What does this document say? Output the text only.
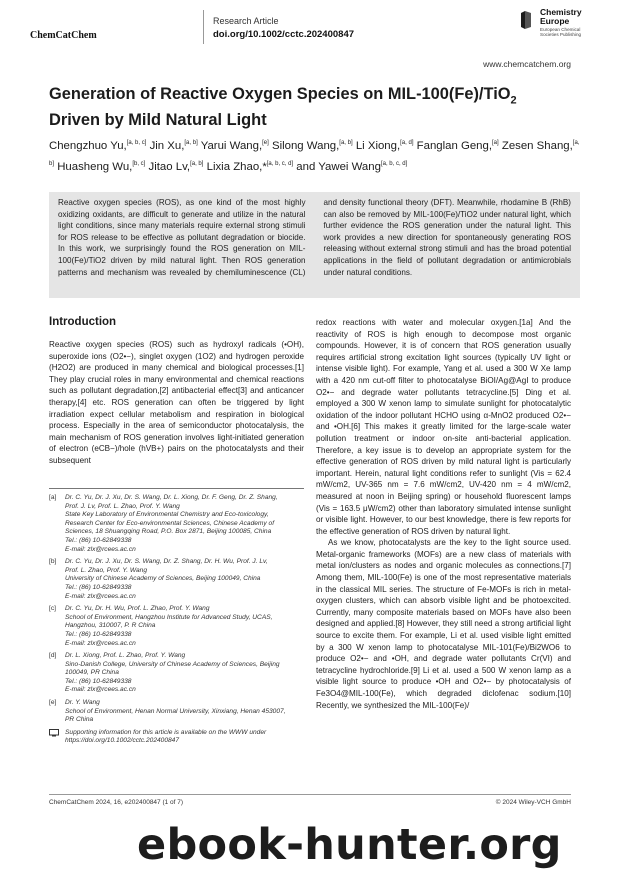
ChemCatChem
Research Article
doi.org/10.1002/cctc.202400847
Chemistry
Europe
European Chemical
Societies Publishing
www.chemcatchem.org
Generation of Reactive Oxygen Species on MIL-100(Fe)/TiO$_2$
Driven by Mild Natural Light
Chengzhuo Yu,[a, b, c] Jin Xu,[a, b] Yarui Wang,[e] Silong Wang,[a, b] Li Xiong,[a, d] Fanglan Geng,[a] Zesen Shang,[a, b] Huasheng Wu,[b, c] Jitao Lv,[a, b] Lixia Zhao,*[a, b, c, d] and Yawei Wang[a, b, c, d]
Reactive oxygen species (ROS), as one kind of the most highly oxidizing oxidants, are difficult to generate and utilize in the natural light conditions, since many materials require external strong stimuli for ROS release to be effective as pollutant degradation or biocide. In this work, we surprisingly found the ROS generation on MIL-100(Fe)/TiO2 driven by mild natural light. Then ROS generation patterns and mechanism was revealed by chemiluminescence (CL) and density functional theory (DFT). Meanwhile, rhodamine B (RhB) can also be removed by MIL-100(Fe)/TiO2 under natural light, which further evidence the ROS generation under the natural light. This work provides a new direction for spontaneously generating ROS releasing without external strong stimuli and has the broad potential applications in the field of pollutant degradation or antimicrobials under natural conditions.
Introduction

Reactive oxygen species (ROS) such as hydroxyl radicals (•OH), superoxide ions (O2•−), singlet oxygen (1O2) and hydrogen peroxide (H2O2) are produced in many chemical and biological processes.[1] They play crucial roles in many environmental and chemical reactions such as pollutant degradation,[2] antibacterial effect[3] and anticancer therapy,[4] etc. ROS generation can often be triggered by light irradiation expect cellular metabolism and respiration in biological process. Especially in the area of semiconductor photocatalysis, the main mechanism of ROS generation involves light-initiated generation of electron (eCB−)/hole (hVB+) pairs on the photocatalysts and their subsequent

redox reactions with water and molecular oxygen.[1a] And the reactivity of ROS is high enough to decompose most organic compounds. However, it is of concern that ROS generation usually requires artificial strong excitation light sources (typically UV light or intense visible light). For example, Yang et al. used a 300 W Xe lamp with a 420 nm cut-off filter to photocatalyse BiOI/Ag@AgI to produce O2•− and degrade water pollutants tetracycline.[5] Ding et al. employed a 300 W xenon lamp to simulate sunlight for photocatalytic oxidation of the indoor pollutant HCHO using α-MnO2 produced O2•− and •OH.[6] This makes it greatly limited for the large-scale water pollution treatment or indoor on-site anti-bacterial application. Therefore, a key issue is to develop an appropriate system for the effective generation of ROS driven by mild natural light is particularly important. Herein, natural light conditions refer to sunlight (Vis = 62.4 mW/cm2, UV-365 nm = 7.6 mW/cm2, UV-420 nm = 4 mW/cm2, measured at noon in Beijing spring) or household fluorescent lamps (Vis = 163.5 μW/cm2) other than laboratory simulated intense sunlight or visible light. However, to our best knowledge, there is few reports for the effective generation of ROS driven by natural light.

As we know, photocatalysts are the key to the light source used. Metal-organic frameworks (MOFs) are a new class of materials with metal ion/clusters as nodes and organic molecules as connections.[7] Among them, MIL-100(Fe) is one of the most representative materials in the classical MIL series. The structure of Fe-MOFs is rich in metal-oxygen clusters, which can absorb visible light and be photoexcited. Currently, many composite materials based on MOFs have also been designed and applied.[8] However, they still need a strong artificial light source to excite them. For example, Li et al. used visible light emitted by a 300 W xenon lamp to photocatalyse MIL-101(Fe)/Bi2WO6 to produce O2•− and •OH, and degrade water pollutants Cr(VI) and tetracycline hydrochloride.[9] Li et al. used a 500 W xenon lamp as a visible light source to produce •OH and O2•− by photocatalysis of Fe3O4@MIL-100(Fe), which degraded diclofenac sodium.[10] Recently, we synthesized the MIL-100(Fe)/

[a]	Dr. C. Yu, Dr. J. Xu, Dr. S. Wang, Dr. L. Xiong, Dr. F. Geng, Dr. Z. Shang,
Prof. J. Lv, Prof. L. Zhao, Prof. Y. Wang
State Key Laboratory of Environmental Chemistry and Eco-toxicology,
Research Center for Eco-environmental Sciences, Chinese Academy of
Sciences, 18 Shuangqing Road, P.O. Box 2871, Beijing 100085, China
Tel.: (86) 10-62849338
E-mail: zlx@rcees.ac.cn
[b]	Dr. C. Yu, Dr. J. Xu, Dr. S. Wang, Dr. Z. Shang, Dr. H. Wu, Prof. J. Lv,
Prof. L. Zhao, Prof. Y. Wang
University of Chinese Academy of Sciences, Beijing 100049, China
Tel.: (86) 10-62849338
E-mail: zlx@rcees.ac.cn
[c]	Dr. C. Yu, Dr. H. Wu, Prof. L. Zhao, Prof. Y. Wang
School of Environment, Hangzhou Institute for Advanced Study, UCAS,
Hangzhou, 310007, P. R China
Tel.: (86) 10-62849338
E-mail: zlx@rcees.ac.cn
[d]	Dr. L. Xiong, Prof. L. Zhao, Prof. Y. Wang
Sino-Danish College, University of Chinese Academy of Sciences, Beijing
100049, PR China
Tel.: (86) 10-62849338
E-mail: zlx@rcees.ac.cn
[e]	Dr. Y. Wang
School of Environment, Henan Normal University, Xinxiang, Henan 453007,
PR China
Supporting information for this article is available on the WWW under
https://doi.org/10.1002/cctc.202400847
ChemCatChem 2024, 16, e202400847 (1 of 7)	© 2024 Wiley-VCH GmbH
ebook-hunter.org
